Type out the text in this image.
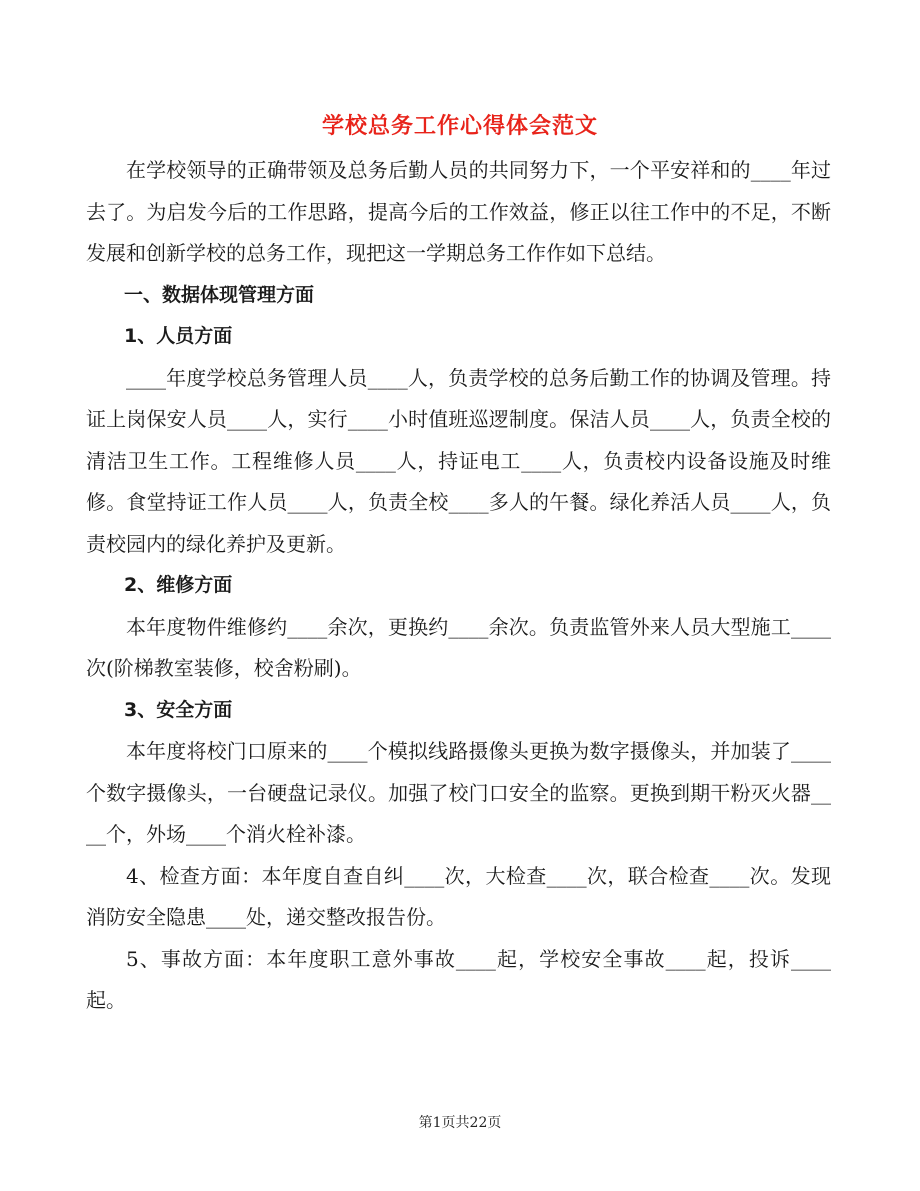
学校总务工作心得体会范文

在学校领导的正确带领及总务后勤人员的共同努力下，一个平安祥和的____年过去了。为启发今后的工作思路，提高今后的工作效益，修正以往工作中的不足，不断发展和创新学校的总务工作，现把这一学期总务工作作如下总结。

一、数据体现管理方面

1、人员方面

____年度学校总务管理人员____人，负责学校的总务后勤工作的协调及管理。持证上岗保安人员____人，实行____小时值班巡逻制度。保洁人员____人，负责全校的清洁卫生工作。工程维修人员____人，持证电工____人，负责校内设备设施及时维修。食堂持证工作人员____人，负责全校____多人的午餐。绿化养活人员____人，负责校园内的绿化养护及更新。

2、维修方面

本年度物件维修约____余次，更换约____余次。负责监管外来人员大型施工____次(阶梯教室装修，校舍粉刷)。

3、安全方面

本年度将校门口原来的____个模拟线路摄像头更换为数字摄像头，并加装了____个数字摄像头，一台硬盘记录仪。加强了校门口安全的监察。更换到期干粉灭火器____个，外场____个消火栓补漆。

4、检查方面：本年度自查自纠____次，大检查____次，联合检查____次。发现消防安全隐患____处，递交整改报告份。

5、事故方面：本年度职工意外事故____起，学校安全事故____起，投诉____起。

第1页共22页
